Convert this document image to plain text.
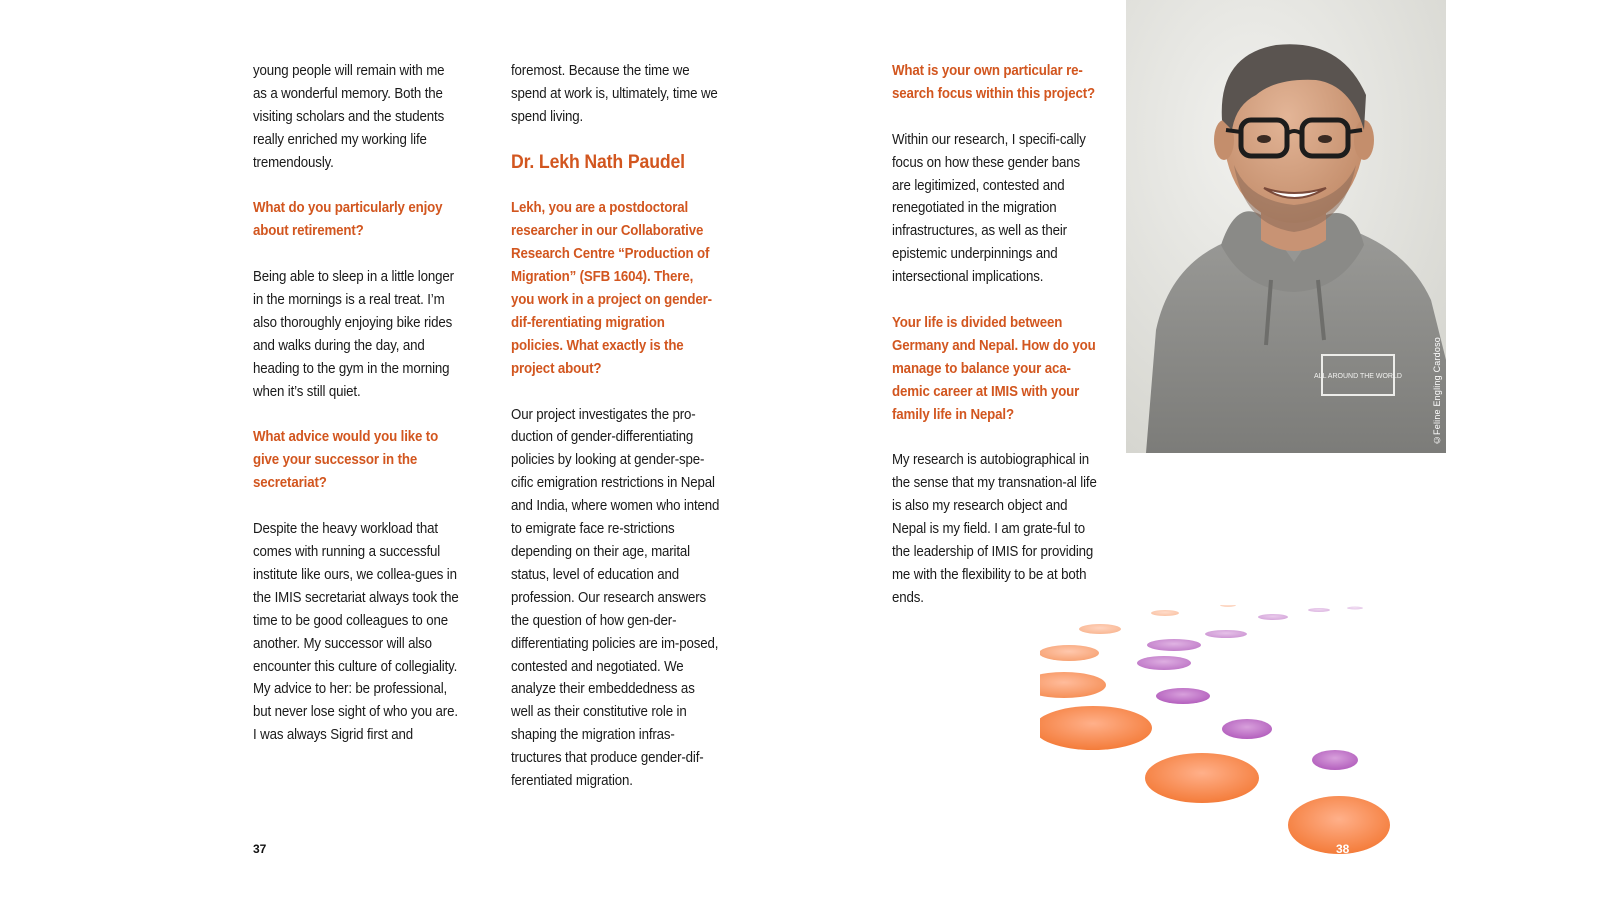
young people will remain with me as a wonderful memory. Both the visiting scholars and the students really enriched my working life tremendously.

What do you particularly enjoy about retirement?

Being able to sleep in a little longer in the mornings is a real treat. I’m also thoroughly enjoying bike rides and walks during the day, and heading to the gym in the morning when it’s still quiet.

What advice would you like to give your successor in the secretariat?

Despite the heavy workload that comes with running a successful institute like ours, we collea-gues in the IMIS secretariat always took the time to be good colleagues to one another. My successor will also encounter this culture of collegiality. My advice to her: be professional, but never lose sight of who you are. I was always Sigrid first and

foremost. Because the time we spend at work is, ultimately, time we spend living.

Dr. Lekh Nath Paudel

Lekh, you are a postdoctoral researcher in our Collaborative Research Centre “Production of Migration” (SFB 1604). There, you work in a project on gender-dif-ferentiating migration policies. What exactly is the project about?

Our project investigates the pro-duction of gender-differentiating policies by looking at gender-spe-cific emigration restrictions in Nepal and India, where women who intend to emigrate face re-strictions depending on their age, marital status, level of education and profession. Our research answers the question of how gen-der-differentiating policies are im-posed, contested and negotiated. We analyze their embeddedness as well as their constitutive role in shaping the migration infras-tructures that produce gender-dif-ferentiated migration.

37

What is your own particular re-search focus within this project?

Within our research, I specifi-cally focus on how these gender bans are legitimized, contested and renegotiated in the migration infrastructures, as well as their epistemic underpinnings and intersectional implications.

Your life is divided between Germany and Nepal. How do you manage to balance your aca-demic career at IMIS with your family life in Nepal?

My research is autobiographical in the sense that my transnation-al life is also my research object and Nepal is my field. I am grate-ful to the leadership of IMIS for providing me with the flexibility to be at both ends.

ALL AROUND THE WORLD	©Feline Engling Cardoso
38
